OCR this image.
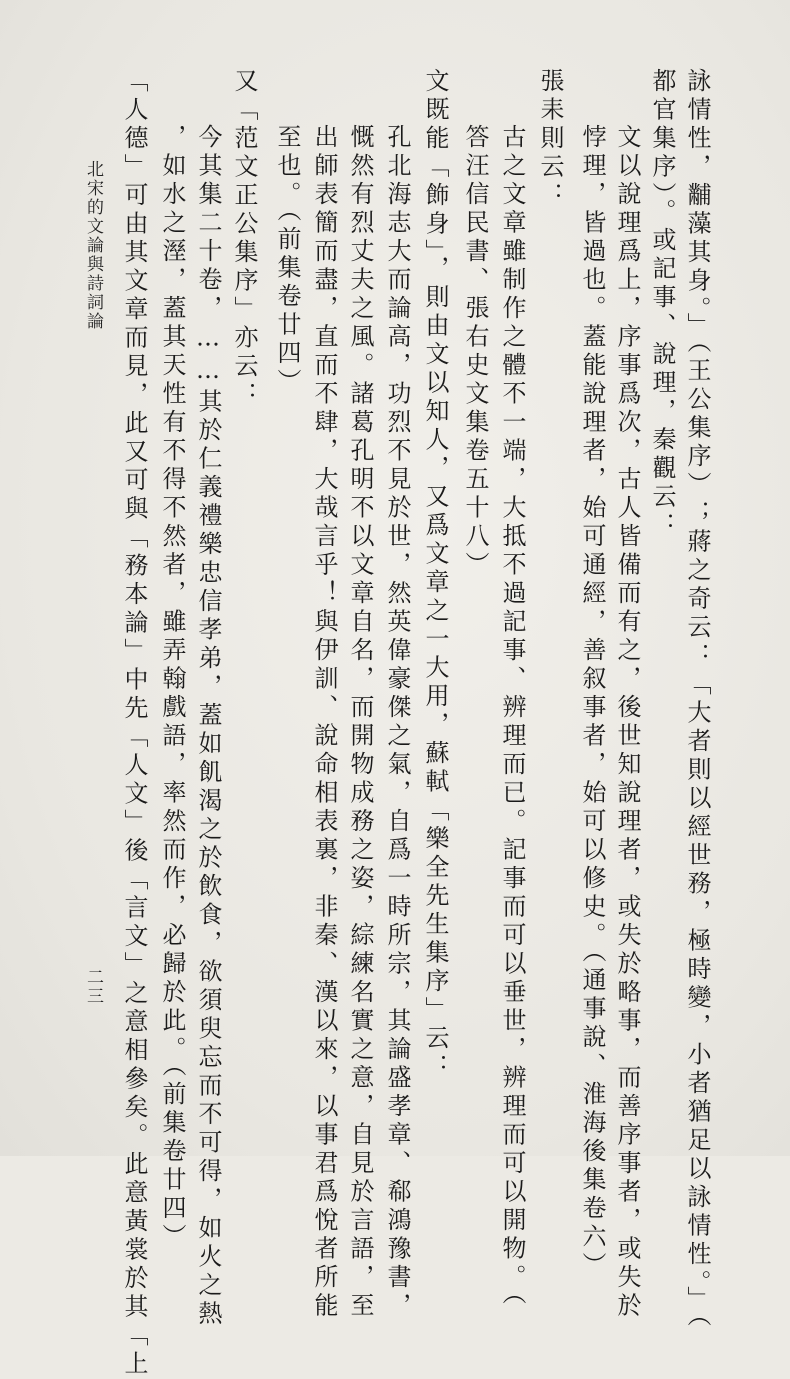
詠情性，黼藻其身。」（王公集序）；蔣之奇云：「大者則以經世務，極時變，小者猶足以詠情性。」（
都官集序）。或記事、說理，秦觀云：
文以說理爲上，序事爲次，古人皆備而有之，後世知說理者，或失於略事，而善序事者，或失於
悖理，皆過也。蓋能說理者，始可通經，善叙事者，始可以修史。（通事說、淮海後集卷六）
張耒則云：
古之文章雖制作之體不一端，大抵不過記事、辨理而已。記事而可以垂世，辨理而可以開物。（
答汪信民書、張右史文集卷五十八）
文既能「飾身」，則由文以知人，又爲文章之一大用，蘇軾「樂全先生集序」云：
孔北海志大而論高，功烈不見於世，然英偉豪傑之氣，自爲一時所宗，其論盛孝章、郗鴻豫書，
慨然有烈丈夫之風。諸葛孔明不以文章自名，而開物成務之姿，綜練名實之意，自見於言語，至
出師表簡而盡，直而不肆，大哉言乎！與伊訓、說命相表裏，非秦、漢以來，以事君爲悅者所能
至也。（前集卷廿四）
又「范文正公集序」亦云：
今其集二十卷，……其於仁義禮樂忠信孝弟，蓋如飢渴之於飲食，欲須臾忘而不可得，如火之熱
，如水之溼，蓋其天性有不得不然者，雖弄翰戲語，率然而作，必歸於此。（前集卷廿四）
「人德」可由其文章而見，此又可與「務本論」中先「人文」後「言文」之意相參矣。此意黃裳於其「上
北宋的文論與詩詞論
二三
